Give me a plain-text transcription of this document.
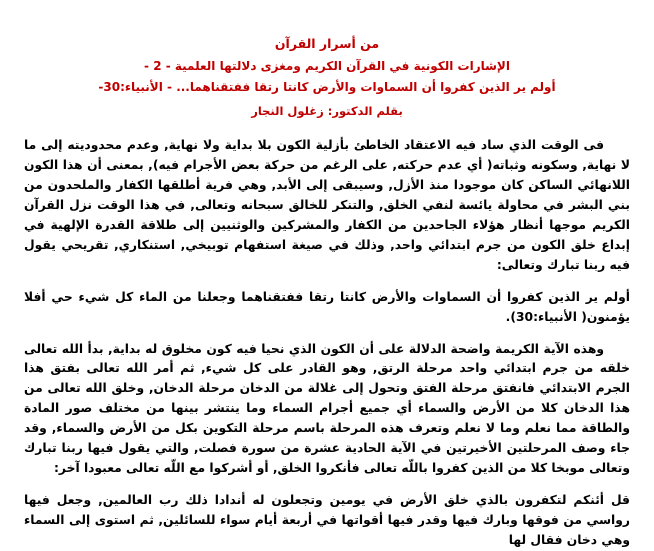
من أسرار القرآن

الإشارات الكونية في القرآن الكريم ومغزى دلالتها العلمية - 2 -

أولم ير الذين كفروا أن السماوات والأرض كانتا رتقا ففتقناهما... - الأنبياء:30-

بقلم الدكتور: زغلول النجار

فى الوقت الذي ساد فيه الاعتقاد الخاطئ بأزلية الكون بلا بداية ولا نهاية, وعدم محدوديته إلى ما لا نهاية, وسكونه وثباته( أي عدم حركته, على الرغم من حركة بعض الأجرام فيه), بمعنى أن هذا الكون اللانهائي الساكن كان موجودا منذ الأزل, وسيبقى إلى الأبد, وهي فرية أطلقها الكفار والملحدون من بني البشر في محاولة يائسة لنفي الخلق, والتنكر للخالق سبحانه وتعالى, في هذا الوقت نزل القرآن الكريم موجها أنظار هؤلاء الجاحدين من الكفار والمشركين والوثنيين إلى طلاقة القدرة الإلهية في إبداع خلق الكون من جرم ابتدائي واحد, وذلك في صيغة استفهام توبيخي, استنكاري, تقريحي يقول فيه ربنا تبارك وتعالى:

أولم ير الذين كفروا أن السماوات والأرض كانتا رتقا ففتقناهما وجعلنا من الماء كل شيء حي أفلا يؤمنون( الأنبياء:30).

وهذه الآية الكريمة واضحة الدلالة على أن الكون الذي نحيا فيه كون مخلوق له بداية, بدأ الله تعالى خلقه من جرم ابتدائي واحد مرحلة الرتق, وهو القادر على كل شيء, ثم أمر الله تعالى بفتق هذا الجرم الابتدائي فانفتق مرحلة الفتق وتحول إلى غلالة من الدخان مرحلة الدخان, وخلق الله تعالى من هذا الدخان كلا من الأرض والسماء أي جميع أجرام السماء وما ينتشر بينها من مختلف صور المادة والطاقة مما نعلم وما لا نعلم وتعرف هذه المرحلة باسم مرحلة التكوين بكل من الأرض والسماء, وقد جاء وصف المرحلتين الأخيرتين في الآية الحادية عشرة من سورة فصلت, والتي يقول فيها ربنا تبارك وتعالى موبخا كلا من الذين كفروا باللّه تعالى فأنكروا الخلق, أو أشركوا مع اللّه تعالى معبودا آخر:

قل أئنكم لتكفرون بالذي خلق الأرض في يومين وتجعلون له أندادا ذلك رب العالمين, وجعل فيها رواسي من فوقها وبارك فيها وقدر فيها أقواتها في أربعة أيام سواء للسائلين, ثم استوى إلى السماء وهي دخان فقال لها
